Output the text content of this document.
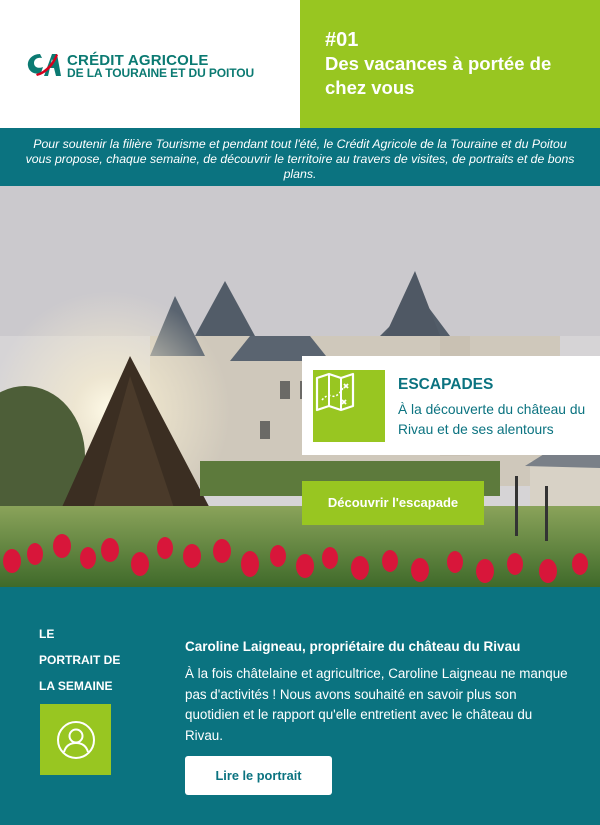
CRÉDIT AGRICOLE
DE LA TOURAINE ET DU POITOU
#01
Des vacances à portée de chez vous

Pour soutenir la filière Tourisme et pendant tout l'été, le Crédit Agricole de la Touraine et du Poitou vous propose, chaque semaine, de découvrir le territoire au travers de visites, de portraits et de bons plans.

ESCAPADES
À la découverte du château du Rivau et de ses alentours
Découvrir l'escapade
LE
PORTRAIT DE
LA SEMAINE
Caroline Laigneau, propriétaire du château du Rivau
À la fois châtelaine et agricultrice, Caroline Laigneau ne manque pas d'activités ! Nous avons souhaité en savoir plus son quotidien et le rapport qu'elle entretient avec le château du Rivau.
Lire le portrait
